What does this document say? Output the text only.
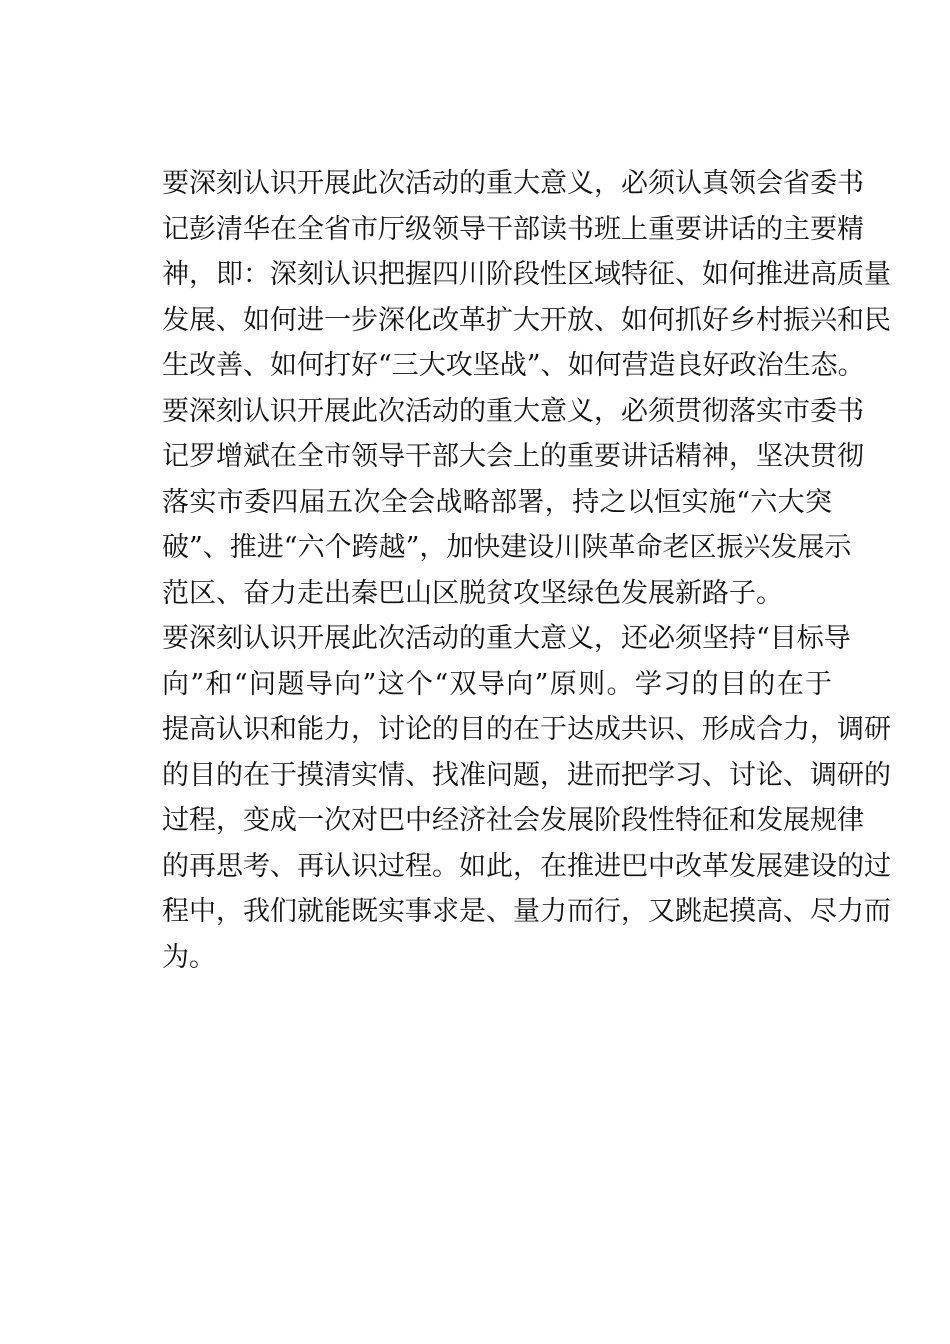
要深刻认识开展此次活动的重大意义，必须认真领会省委书
记彭清华在全省市厅级领导干部读书班上重要讲话的主要精
神，即：深刻认识把握四川阶段性区域特征、如何推进高质量
发展、如何进一步深化改革扩大开放、如何抓好乡村振兴和民
生改善、如何打好“三大攻坚战”、如何营造良好政治生态。
要深刻认识开展此次活动的重大意义，必须贯彻落实市委书
记罗增斌在全市领导干部大会上的重要讲话精神，坚决贯彻
落实市委四届五次全会战略部署，持之以恒实施“六大突
破”、推进“六个跨越”，加快建设川陕革命老区振兴发展示
范区、奋力走出秦巴山区脱贫攻坚绿色发展新路子。
要深刻认识开展此次活动的重大意义，还必须坚持“目标导
向”和“问题导向”这个“双导向”原则。学习的目的在于
提高认识和能力，讨论的目的在于达成共识、形成合力，调研
的目的在于摸清实情、找准问题，进而把学习、讨论、调研的
过程，变成一次对巴中经济社会发展阶段性特征和发展规律
的再思考、再认识过程。如此，在推进巴中改革发展建设的过
程中，我们就能既实事求是、量力而行，又跳起摸高、尽力而
为。
